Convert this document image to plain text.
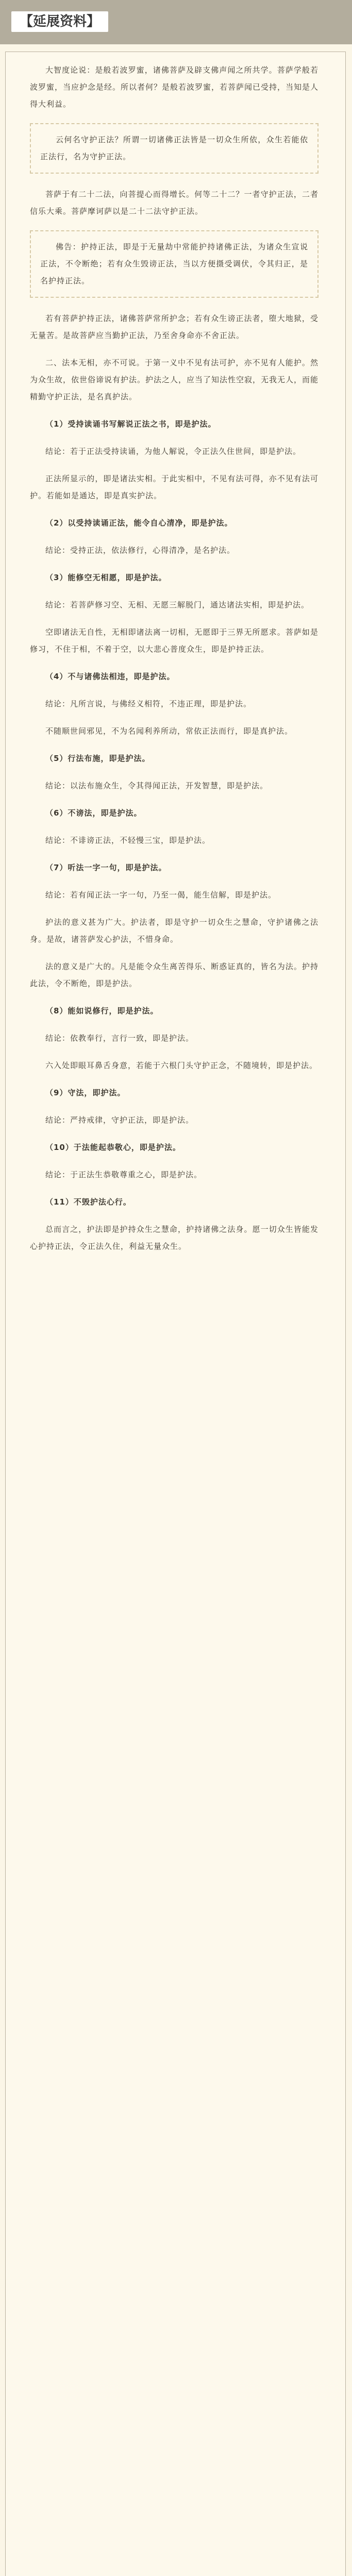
【延展资料】

大智度论说：是般若波罗蜜，诸佛菩萨及辟支佛声闻之所共学。菩萨学般若波罗蜜，当应护念是经。所以者何？是般若波罗蜜，若菩萨闻已受持，当知是人得大利益。

云何名守护正法？所谓一切诸佛正法皆是一切众生所依，众生若能依正法行，名为守护正法。

菩萨于有二十二法，向菩提心而得增长。何等二十二？一者守护正法，二者信乐大乘。菩萨摩诃萨以是二十二法守护正法。

佛告：护持正法，即是于无量劫中常能护持诸佛正法，为诸众生宣说正法，不令断绝；若有众生毁谤正法，当以方便摄受调伏，令其归正，是名护持正法。

若有菩萨护持正法，诸佛菩萨常所护念；若有众生谤正法者，堕大地狱，受无量苦。是故菩萨应当勤护正法，乃至舍身命亦不舍正法。

二、法本无相，亦不可说。于第一义中不见有法可护，亦不见有人能护。然为众生故，依世俗谛说有护法。护法之人，应当了知法性空寂，无我无人，而能精勤守护正法，是名真护法。

（1）受持读诵书写解说正法之书，即是护法。

结论：若于正法受持读诵，为他人解说，令正法久住世间，即是护法。

正法所显示的，即是诸法实相。于此实相中，不见有法可得，亦不见有法可护。若能如是通达，即是真实护法。

（2）以受持读诵正法，能令自心清净，即是护法。

结论：受持正法，依法修行，心得清净，是名护法。

（3）能修空无相愿，即是护法。

结论：若菩萨修习空、无相、无愿三解脱门，通达诸法实相，即是护法。

空即诸法无自性，无相即诸法离一切相，无愿即于三界无所愿求。菩萨如是修习，不住于相，不着于空，以大悲心普度众生，即是护持正法。

（4）不与诸佛法相违，即是护法。

结论：凡所言说，与佛经义相符，不违正理，即是护法。

不随顺世间邪见，不为名闻利养所动，常依正法而行，即是真护法。

（5）行法布施，即是护法。

结论：以法布施众生，令其得闻正法，开发智慧，即是护法。

（6）不谤法，即是护法。

结论：不诽谤正法，不轻慢三宝，即是护法。

（7）听法一字一句，即是护法。

结论：若有闻正法一字一句，乃至一偈，能生信解，即是护法。

护法的意义甚为广大。护法者，即是守护一切众生之慧命，守护诸佛之法身。是故，诸菩萨发心护法，不惜身命。

法的意义是广大的。凡是能令众生离苦得乐、断惑证真的，皆名为法。护持此法，令不断绝，即是护法。

（8）能如说修行，即是护法。

结论：依教奉行，言行一致，即是护法。

六入处即眼耳鼻舌身意，若能于六根门头守护正念，不随境转，即是护法。

（9）守法，即护法。

结论：严持戒律，守护正法，即是护法。

（10）于法能起恭敬心，即是护法。

结论：于正法生恭敬尊重之心，即是护法。

（11）不毁护法心行。

总而言之，护法即是护持众生之慧命，护持诸佛之法身。愿一切众生皆能发心护持正法，令正法久住，利益无量众生。
